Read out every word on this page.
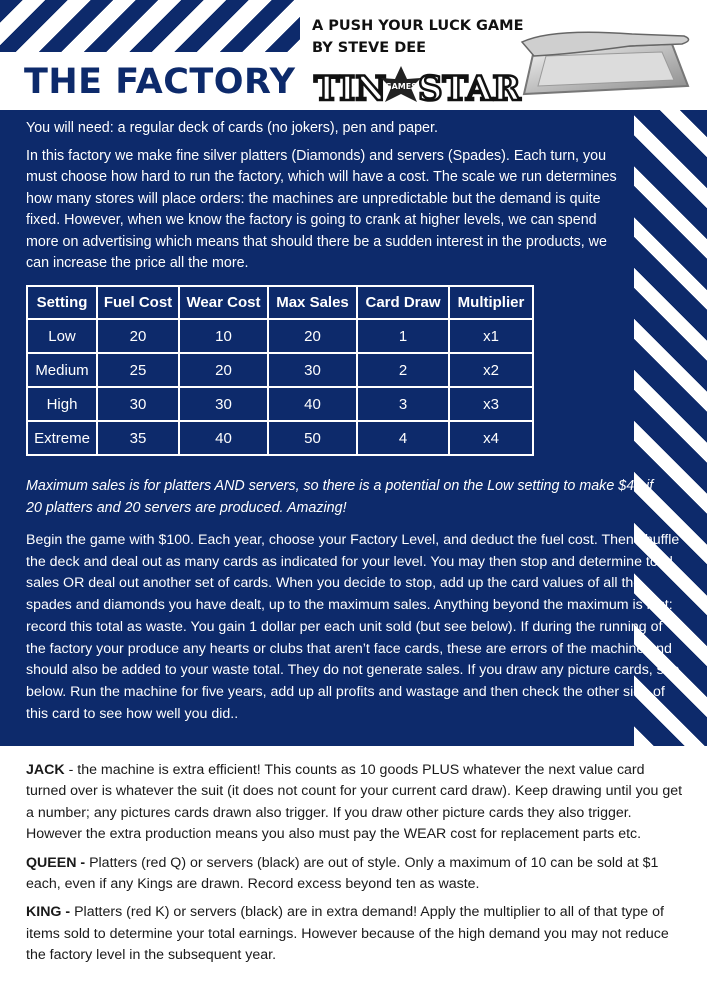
THE FACTORY
A PUSH YOUR LUCK GAME
BY STEVE DEE
TIN
GAMES STAR

You will need: a regular deck of cards (no jokers), pen and paper.

In this factory we make fine silver platters (Diamonds) and servers (Spades). Each turn, you must choose how hard to run the factory, which will have a cost. The scale we run determines how many stores will place orders: the machines are unpredictable but the demand is quite fixed. However, when we know the factory is going to crank at higher levels, we can spend more on advertising which means that should there be a sudden interest in the products, we can increase the price all the more.

Setting	Fuel Cost	Wear Cost	Max Sales	Card Draw	Multiplier
Low	20	10	20	1	x1
Medium	25	20	30	2	x2
High	30	30	40	3	x3
Extreme	35	40	50	4	x4

Maximum sales is for platters AND servers, so there is a potential on the Low setting to make $40 if 20 platters and 20 servers are produced. Amazing!

Begin the game with $100. Each year, choose your Factory Level, and deduct the fuel cost. Then shuffle the deck and deal out as many cards as indicated for your level. You may then stop and determine total sales OR deal out another set of cards. When you decide to stop, add up the card values of all the spades and diamonds you have dealt, up to the maximum sales. Anything beyond the maximum is lost: record this total as waste. You gain 1 dollar per each unit sold (but see below). If during the running of the factory your produce any hearts or clubs that aren’t face cards, these are errors of the machine and should also be added to your waste total. They do not generate sales. If you draw any picture cards, see below. Run the machine for five years, add up all profits and wastage and then check the other side of this card to see how well you did..

JACK - the machine is extra efficient! This counts as 10 goods PLUS whatever the next value card turned over is whatever the suit (it does not count for your current card draw). Keep drawing until you get a number; any pictures cards drawn also trigger. If you draw other picture cards they also trigger. However the extra production means you also must pay the WEAR cost for replacement parts etc.

QUEEN - Platters (red Q) or servers (black) are out of style. Only a maximum of 10 can be sold at $1 each, even if any Kings are drawn. Record excess beyond ten as waste.

KING - Platters (red K) or servers (black) are in extra demand! Apply the multiplier to all of that type of items sold to determine your total earnings. However because of the high demand you may not reduce the factory level in the subsequent year.
